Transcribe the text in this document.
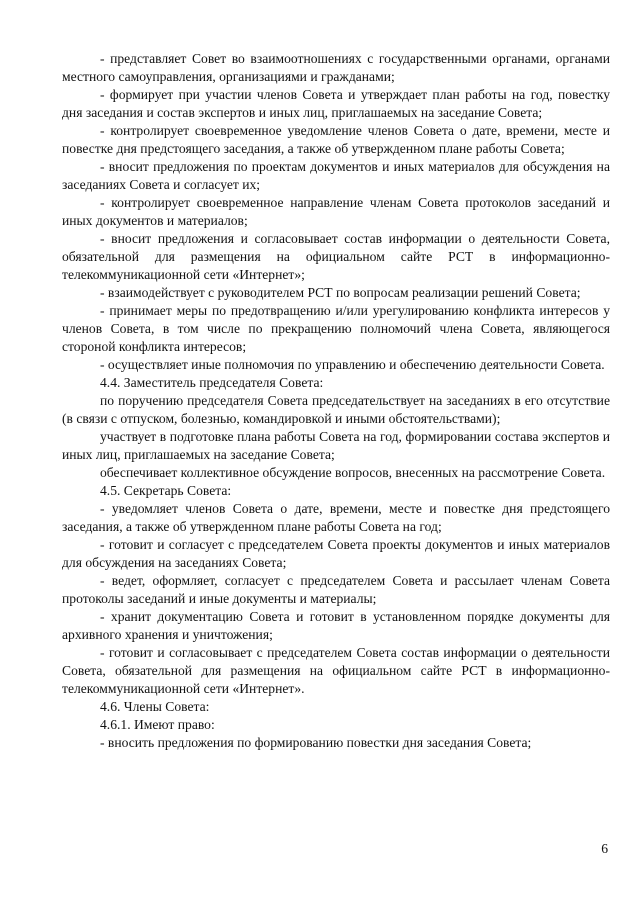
- представляет Совет во взаимоотношениях с государственными органами, органами местного самоуправления, организациями и гражданами;

- формирует при участии членов Совета и утверждает план работы на год, повестку дня заседания и состав экспертов и иных лиц, приглашаемых на заседание Совета;

- контролирует своевременное уведомление членов Совета о дате, времени, месте и повестке дня предстоящего заседания, а также об утвержденном плане работы Совета;

- вносит предложения по проектам документов и иных материалов для обсуждения на заседаниях Совета и согласует их;

- контролирует своевременное направление членам Совета протоколов заседаний и иных документов и материалов;

- вносит предложения и согласовывает состав информации о деятельности Совета, обязательной для размещения на официальном сайте РСТ в информационно-телекоммуникационной сети «Интернет»;

- взаимодействует с руководителем РСТ по вопросам реализации решений Совета;

- принимает меры по предотвращению и/или урегулированию конфликта интересов у членов Совета, в том числе по прекращению полномочий члена Совета, являющегося стороной конфликта интересов;

- осуществляет иные полномочия по управлению и обеспечению деятельности Совета.

4.4. Заместитель председателя Совета:

по поручению председателя Совета председательствует на заседаниях в его отсутствие (в связи с отпуском, болезнью, командировкой и иными обстоятельствами);

участвует в подготовке плана работы Совета на год, формировании состава экспертов и иных лиц, приглашаемых на заседание Совета;

обеспечивает коллективное обсуждение вопросов, внесенных на рассмотрение Совета.

4.5. Секретарь Совета:

- уведомляет членов Совета о дате, времени, месте и повестке дня предстоящего заседания, а также об утвержденном плане работы Совета на год;

- готовит и согласует с председателем Совета проекты документов и иных материалов для обсуждения на заседаниях Совета;

- ведет, оформляет, согласует с председателем Совета и рассылает членам Совета протоколы заседаний и иные документы и материалы;

- хранит документацию Совета и готовит в установленном порядке документы для архивного хранения и уничтожения;

- готовит и согласовывает с председателем Совета состав информации о деятельности Совета, обязательной для размещения на официальном сайте РСТ в информационно-телекоммуникационной сети «Интернет».

4.6. Члены Совета:

4.6.1. Имеют право:

- вносить предложения по формированию повестки дня заседания Совета;

6
